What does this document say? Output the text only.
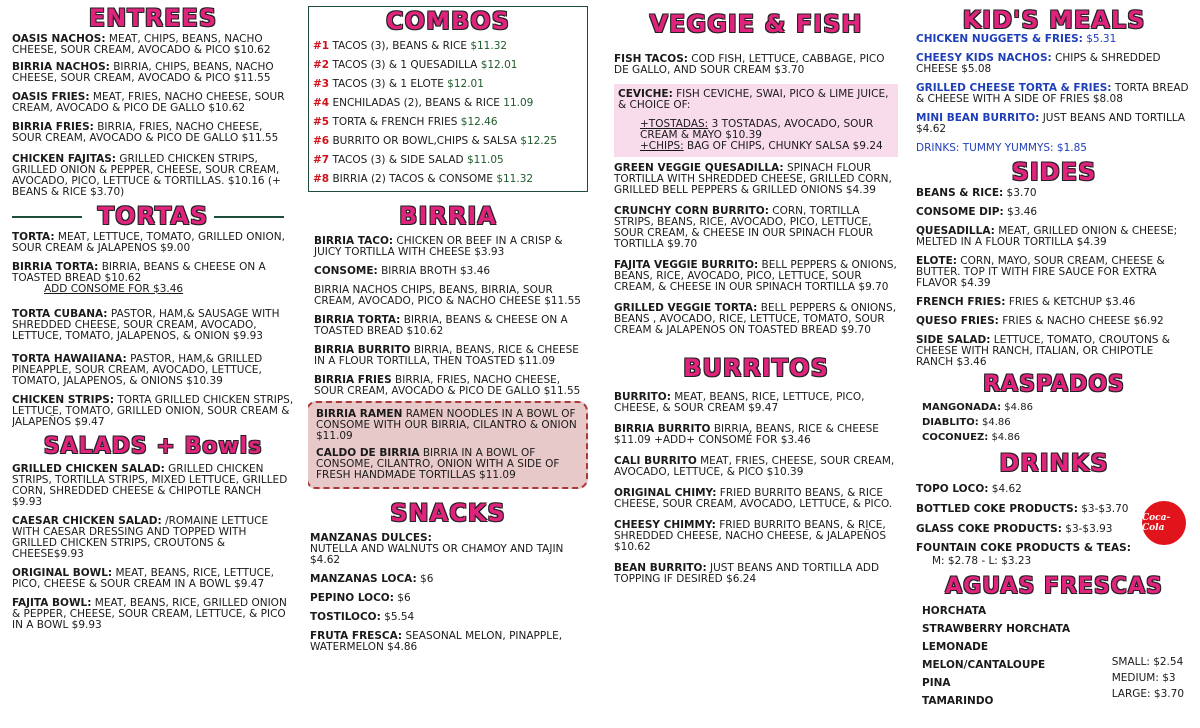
ENTREES

OASIS NACHOS: MEAT, CHIPS, BEANS, NACHO CHEESE, SOUR CREAM, AVOCADO & PICO $10.62

BIRRIA NACHOS: BIRRIA, CHIPS, BEANS, NACHO CHEESE, SOUR CREAM, AVOCADO & PICO $11.55

OASIS FRIES: MEAT, FRIES, NACHO CHEESE, SOUR CREAM, AVOCADO & PICO DE GALLO $10.62

BIRRIA FRIES: BIRRIA, FRIES, NACHO CHEESE, SOUR CREAM, AVOCADO & PICO DE GALLO $11.55

CHICKEN FAJITAS: GRILLED CHICKEN STRIPS, GRILLED ONION & PEPPER, CHEESE, SOUR CREAM, AVOCADO, PICO, LETTUCE & TORTILLAS. $10.16 (+ BEANS & RICE $3.70)

TORTAS

TORTA: MEAT, LETTUCE, TOMATO, GRILLED ONION, SOUR CREAM & JALAPENOS $9.00

BIRRIA TORTA: BIRRIA, BEANS & CHEESE ON A TOASTED BREAD $10.62

ADD CONSOME FOR $3.46

TORTA CUBANA: PASTOR, HAM,& SAUSAGE WITH SHREDDED CHEESE, SOUR CREAM, AVOCADO, LETTUCE, TOMATO, JALAPENOS, & ONION $9.93

TORTA HAWAIIANA: PASTOR, HAM,& GRILLED PINEAPPLE, SOUR CREAM, AVOCADO, LETTUCE, TOMATO, JALAPENOS, & ONIONS $10.39

CHICKEN STRIPS: TORTA GRILLED CHICKEN STRIPS, LETTUCE, TOMATO, GRILLED ONION, SOUR CREAM & JALAPEÑOS $9.47

SALADS + Bowls

GRILLED CHICKEN SALAD: GRILLED CHICKEN STRIPS, TORTILLA STRIPS, MIXED LETTUCE, GRILLED CORN, SHREDDED CHEESE & CHIPOTLE RANCH $9.93

CAESAR CHICKEN SALAD: /ROMAINE LETTUCE WITH CAESAR DRESSING AND TOPPED WITH GRILLED CHICKEN STRIPS, CROUTONS & CHEESE$9.93

ORIGINAL BOWL: MEAT, BEANS, RICE, LETTUCE, PICO, CHEESE & SOUR CREAM IN A BOWL $9.47

FAJITA BOWL: MEAT, BEANS, RICE, GRILLED ONION & PEPPER, CHEESE, SOUR CREAM, LETTUCE, & PICO IN A BOWL $9.93

COMBOS

#1 TACOS (3), BEANS & RICE $11.32

#2 TACOS (3) & 1 QUESADILLA $12.01

#3 TACOS (3) & 1 ELOTE $12.01

#4 ENCHILADAS (2), BEANS & RICE 11.09

#5 TORTA & FRENCH FRIES $12.46

#6 BURRITO OR BOWL,CHIPS & SALSA $12.25

#7 TACOS (3) & SIDE SALAD $11.05

#8 BIRRIA (2) TACOS & CONSOME $11.32

BIRRIA

BIRRIA TACO: CHICKEN OR BEEF IN A CRISP & JUICY TORTILLA WITH CHEESE $3.93

CONSOME: BIRRIA BROTH $3.46

BIRRIA NACHOS CHIPS, BEANS, BIRRIA, SOUR CREAM, AVOCADO, PICO & NACHO CHEESE $11.55

BIRRIA TORTA: BIRRIA, BEANS & CHEESE ON A TOASTED BREAD $10.62

BIRRIA BURRITO BIRRIA, BEANS, RICE & CHEESE IN A FLOUR TORTILLA, THEN TOASTED $11.09

BIRRIA FRIES BIRRIA, FRIES, NACHO CHEESE, SOUR CREAM, AVOCADO & PICO DE GALLO $11.55

BIRRIA RAMEN RAMEN NOODLES IN A BOWL OF CONSOME WITH OUR BIRRIA, CILANTRO & ONION $11.09

CALDO DE BIRRIA BIRRIA IN A BOWL OF CONSOME, CILANTRO, ONION WITH A SIDE OF FRESH HANDMADE TORTILLAS $11.09

SNACKS

MANZANAS DULCES:
NUTELLA AND WALNUTS OR CHAMOY AND TAJIN $4.62

MANZANAS LOCA: $6

PEPINO LOCO: $6

TOSTILOCO: $5.54

FRUTA FRESCA: SEASONAL MELON, PINAPPLE, WATERMELON $4.86

VEGGIE & FISH

FISH TACOS: COD FISH, LETTUCE, CABBAGE, PICO DE GALLO, AND SOUR CREAM $3.70

CEVICHE: FISH CEVICHE, SWAI, PICO & LIME JUICE, & CHOICE OF:

+TOSTADAS: 3 TOSTADAS, AVOCADO, SOUR CREAM & MAYO $10.39

+CHIPS: BAG OF CHIPS, CHUNKY SALSA $9.24

GREEN VEGGIE QUESADILLA: SPINACH FLOUR TORTILLA WITH SHREDDED CHEESE, GRILLED CORN, GRILLED BELL PEPPERS & GRILLED ONIONS $4.39

CRUNCHY CORN BURRITO: CORN, TORTILLA STRIPS, BEANS, RICE, AVOCADO, PICO, LETTUCE, SOUR CREAM, & CHEESE IN OUR SPINACH FLOUR TORTILLA $9.70

FAJITA VEGGIE BURRITO: BELL PEPPERS & ONIONS, BEANS, RICE, AVOCADO, PICO, LETTUCE, SOUR CREAM, & CHEESE IN OUR SPINACH TORTILLA $9.70

GRILLED VEGGIE TORTA: BELL PEPPERS & ONIONS, BEANS , AVOCADO, RICE, LETTUCE, TOMATO, SOUR CREAM & JALAPENOS ON TOASTED BREAD $9.70

BURRITOS

BURRITO: MEAT, BEANS, RICE, LETTUCE, PICO, CHEESE, & SOUR CREAM $9.47

BIRRIA BURRITO BIRRIA, BEANS, RICE & CHEESE $11.09 +ADD+ CONSOMÉ FOR $3.46

CALI BURRITO MEAT, FRIES, CHEESE, SOUR CREAM, AVOCADO, LETTUCE, & PICO $10.39

ORIGINAL CHIMY: FRIED BURRITO BEANS, & RICE CHEESE, SOUR CREAM, AVOCADO, LETTUCE, & PICO.

CHEESY CHIMMY: FRIED BURRITO BEANS, & RICE, SHREDDED CHEESE, NACHO CHEESE, & JALAPEÑOS $10.62

BEAN BURRITO: JUST BEANS AND TORTILLA ADD TOPPING IF DESIRED $6.24

KID'S MEALS

CHICKEN NUGGETS & FRIES: $5.31

CHEESY KIDS NACHOS: CHIPS & SHREDDED CHEESE $5.08

GRILLED CHEESE TORTA & FRIES: TORTA BREAD & CHEESE WITH A SIDE OF FRIES $8.08

MINI BEAN BURRITO: JUST BEANS AND TORTILLA $4.62

DRINKS: TUMMY YUMMYS: $1.85

SIDES

BEANS & RICE: $3.70

CONSOME DIP: $3.46

QUESADILLA: MEAT, GRILLED ONION & CHEESE; MELTED IN A FLOUR TORTILLA $4.39

ELOTE: CORN, MAYO, SOUR CREAM, CHEESE & BUTTER. TOP IT WITH FIRE SAUCE FOR EXTRA FLAVOR $4.39

FRENCH FRIES: FRIES & KETCHUP $3.46

QUESO FRIES: FRIES & NACHO CHEESE $6.92

SIDE SALAD: LETTUCE, TOMATO, CROUTONS & CHEESE WITH RANCH, ITALIAN, OR CHIPOTLE RANCH $3.46

RASPADOS

MANGONADA: $4.86

DIABLITO: $4.86

COCONUEZ: $4.86

DRINKS

TOPO LOCO: $4.62

BOTTLED COKE PRODUCTS: $3-$3.70

GLASS COKE PRODUCTS: $3-$3.93

FOUNTAIN COKE PRODUCTS & TEAS:
M: $2.78 - L: $3.23

Coca-Cola
AGUAS FRESCAS

HORCHATA

STRAWBERRY HORCHATA

LEMONADE

MELON/CANTALOUPE

PINA

TAMARINDO

SMALL: $2.54

MEDIUM: $3

LARGE: $3.70
